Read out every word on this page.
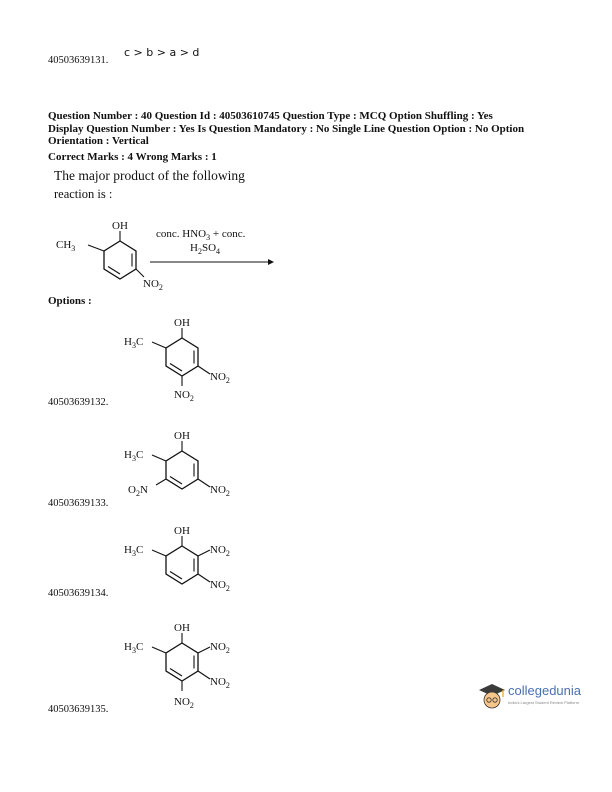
40503639131.
c > b > a > d
Question Number : 40 Question Id : 40503610745 Question Type : MCQ Option Shuffling : Yes
Display Question Number : Yes Is Question Mandatory : No Single Line Question Option : No Option
Orientation : Vertical
Correct Marks : 4 Wrong Marks : 1
The major product of the following
reaction is :
OH
$CH_3$
$NO_2$
conc. $HNO_3$ + conc.
$H_2SO_4$
Options :
OH
$H_3C$
$NO_2$
$NO_2$
40503639132.
OH
$H_3C$
$O_2N$	$NO_2$
40503639133.
OH
$H_3C$	$NO_2$
$NO_2$
40503639134.
OH
$H_3C$	$NO_2$
$NO_2$
$NO_2$
40503639135.
collegedunia
India's Largest Student Review Platform
